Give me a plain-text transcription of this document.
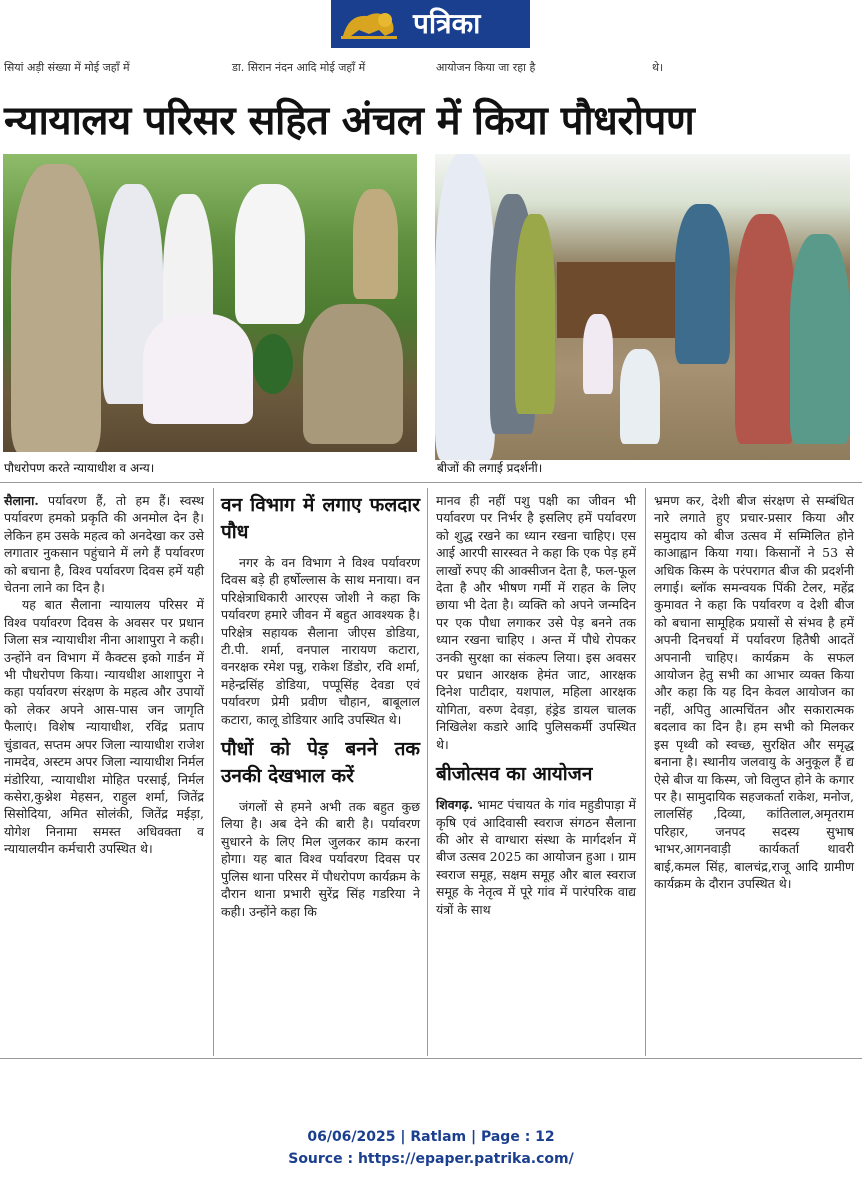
पत्रिका
सियां अड़ी संख्या में मोई जहाँ में	डा. सिरान नंदन आदि मोई जहाँ में	आयोजन किया जा रहा है	थे।
न्यायालय परिसर सहित अंचल में किया पौधरोपण
पौधरोपण करते न्यायाधीश व अन्य।	बीजों की लगाई प्रदर्शनी।

सैलाना. पर्यावरण हैं, तो हम हैं। स्वस्थ पर्यावरण हमको प्रकृति की अनमोल देन है। लेकिन हम उसके महत्व को अनदेखा कर उसे लगातार नुकसान पहुंचाने में लगे हैं पर्यावरण को बचाना है, विश्व पर्यावरण दिवस हमें यही चेतना लाने का दिन है।

यह बात सैलाना न्यायालय परिसर में विश्व पर्यावरण दिवस के अवसर पर प्रधान जिला सत्र न्यायाधीश नीना आशापुरा ने कही। उन्होंने वन विभाग में कैक्टस इको गार्डन में भी पौधरोपण किया। न्यायधीश आशापुरा ने कहा पर्यावरण संरक्षण के महत्व और उपायों को लेकर अपने आस-पास जन जागृति फैलाएं। विशेष न्यायाधीश, रविंद्र प्रताप चुंडावत, सप्तम अपर जिला न्यायाधीश राजेश नामदेव, अस्टम अपर जिला न्यायाधीश निर्मल मंडोरिया, न्यायाधीश मोहित परसाई, निर्मल कसेरा,कुश्नेश मेहसन, राहुल शर्मा, जितेंद्र सिसोदिया, अमित सोलंकी, जितेंद्र मईड़ा, योगेश निनामा समस्त अधिवक्ता व न्यायालयीन कर्मचारी उपस्थित थे।

वन विभाग में लगाए फलदार पौध

नगर के वन विभाग ने विश्व पर्यावरण दिवस बड़े ही हर्षोल्लास के साथ मनाया। वन परिक्षेत्राधिकारी आरएस जोशी ने कहा कि पर्यावरण हमारे जीवन में बहुत आवश्यक है। परिक्षेत्र सहायक सैलाना जीएस डोडिया, टी.पी. शर्मा, वनपाल नारायण कटारा, वनरक्षक रमेश पन्नु, राकेश डिंडोर, रवि शर्मा, महेन्द्रसिंह डोडिया, पप्पूसिंह देवडा एवं पर्यावरण प्रेमी प्रवीण चौहान, बाबूलाल कटारा, कालू डोडियार आदि उपस्थित थे।

पौधों को पेड़ बनने तक उनकी देखभाल करें

जंगलों से हमने अभी तक बहुत कुछ लिया है। अब देने की बारी है। पर्यावरण सुधारने के लिए मिल जुलकर काम करना होगा। यह बात विश्व पर्यावरण दिवस पर पुलिस थाना परिसर में पौधरोपण कार्यक्रम के दौरान थाना प्रभारी सुरेंद्र सिंह गडरिया ने कही। उन्होंने कहा कि

मानव ही नहीं पशु पक्षी का जीवन भी पर्यावरण पर निर्भर है इसलिए हमें पर्यावरण को शुद्ध रखने का ध्यान रखना चाहिए। एस आई आरपी सारस्वत ने कहा कि एक पेड़ हमें लाखों रुपए की आक्सीजन देता है, फल-फूल देता है और भीषण गर्मी में राहत के लिए छाया भी देता है। व्यक्ति को अपने जन्मदिन पर एक पौधा लगाकर उसे पेड़ बनने तक ध्यान रखना चाहिए । अन्त में पौधे रोपकर उनकी सुरक्षा का संकल्प लिया। इस अवसर पर प्रधान आरक्षक हेमंत जाट, आरक्षक दिनेश पाटीदार, यशपाल, महिला आरक्षक योगिता, वरुण देवड़ा, हंड्रेड डायल चालक निखिलेश कडारे आदि पुलिसकर्मी उपस्थित थे।

बीजोत्सव का आयोजन

शिवगढ़. भामट पंचायत के गांव महुडीपाड़ा में कृषि एवं आदिवासी स्वराज संगठन सैलाना की ओर से वाग्धारा संस्था के मार्गदर्शन में बीज उत्सव 2025 का आयोजन हुआ । ग्राम स्वराज समूह, सक्षम समूह और बाल स्वराज समूह के नेतृत्व में पूरे गांव में पारंपरिक वाद्य यंत्रों के साथ

भ्रमण कर, देशी बीज संरक्षण से सम्बंधित नारे लगाते हुए प्रचार-प्रसार किया और समुदाय को बीज उत्सव में सम्मिलित होने काआह्वान किया गया। किसानों ने 53 से अधिक किस्म के परंपरागत बीज की प्रदर्शनी लगाई। ब्लॉक समन्वयक पिंकी टेलर, महेंद्र कुमावत ने कहा कि पर्यावरण व देशी बीज को बचाना सामूहिक प्रयासों से संभव है हमें अपनी दिनचर्या में पर्यावरण हितैषी आदतें अपनानी चाहिए। कार्यक्रम के सफल आयोजन हेतु सभी का आभार व्यक्त किया और कहा कि यह दिन केवल आयोजन का नहीं, अपितु आत्मचिंतन और सकारात्मक बदलाव का दिन है। हम सभी को मिलकर इस पृथ्वी को स्वच्छ, सुरक्षित और समृद्ध बनाना है। स्थानीय जलवायु के अनुकूल हैं द्य ऐसे बीज या किस्म, जो विलुप्त होने के कगार पर है। सामुदायिक सहजकर्ता राकेश, मनोज, लालसिंह ,दिव्या, कांतिलाल,अमृतराम परिहार, जनपद सदस्य सुभाष भाभर,आगनवाड़ी कार्यकर्ता थावरी बाई,कमल सिंह, बालचंद्र,राजू आदि ग्रामीण कार्यक्रम के दौरान उपस्थित थे।

06/06/2025 | Ratlam | Page : 12
Source : https://epaper.patrika.com/
